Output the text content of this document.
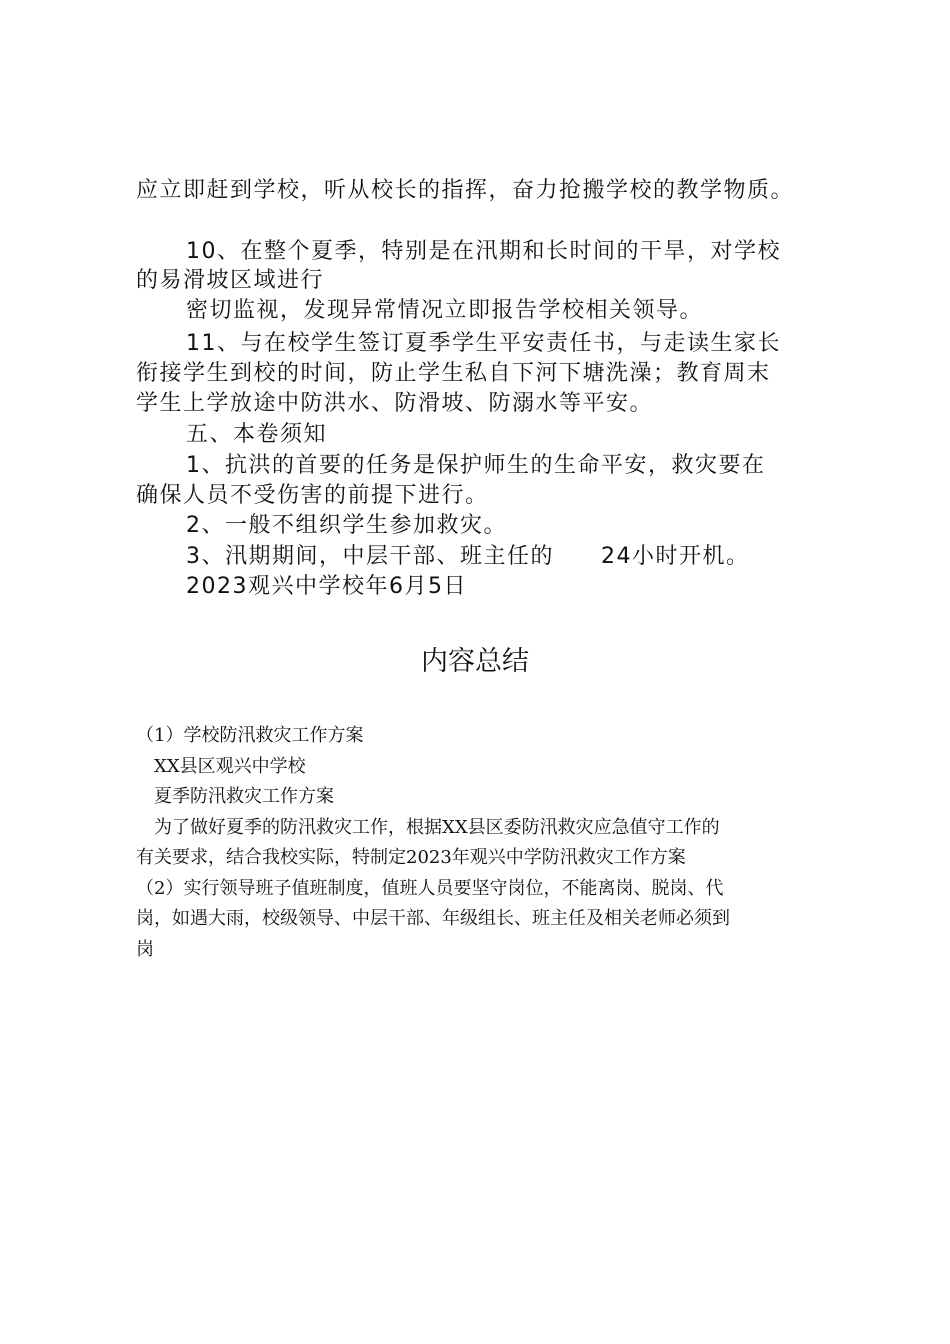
应立即赶到学校，听从校长的指挥，奋力抢搬学校的教学物质。
10、在整个夏季，特别是在汛期和长时间的干旱，对学校
的易滑坡区域进行
密切监视，发现异常情况立即报告学校相关领导。
11、与在校学生签订夏季学生平安责任书，与走读生家长
衔接学生到校的时间，防止学生私自下河下塘洗澡；教育周末
学生上学放途中防洪水、防滑坡、防溺水等平安。
五、本卷须知
1、抗洪的首要的任务是保护师生的生命平安，救灾要在
确保人员不受伤害的前提下进行。
2、一般不组织学生参加救灾。
3、汛期期间，中层干部、班主任的　　24小时开机。
2023观兴中学校年6月5日
内容总结
（1）学校防汛救灾工作方案
XX县区观兴中学校
夏季防汛救灾工作方案
为了做好夏季的防汛救灾工作，根据XX县区委防汛救灾应急值守工作的
有关要求，结合我校实际，特制定2023年观兴中学防汛救灾工作方案
（2）实行领导班子值班制度，值班人员要坚守岗位，不能离岗、脱岗、代
岗，如遇大雨，校级领导、中层干部、年级组长、班主任及相关老师必须到
岗
